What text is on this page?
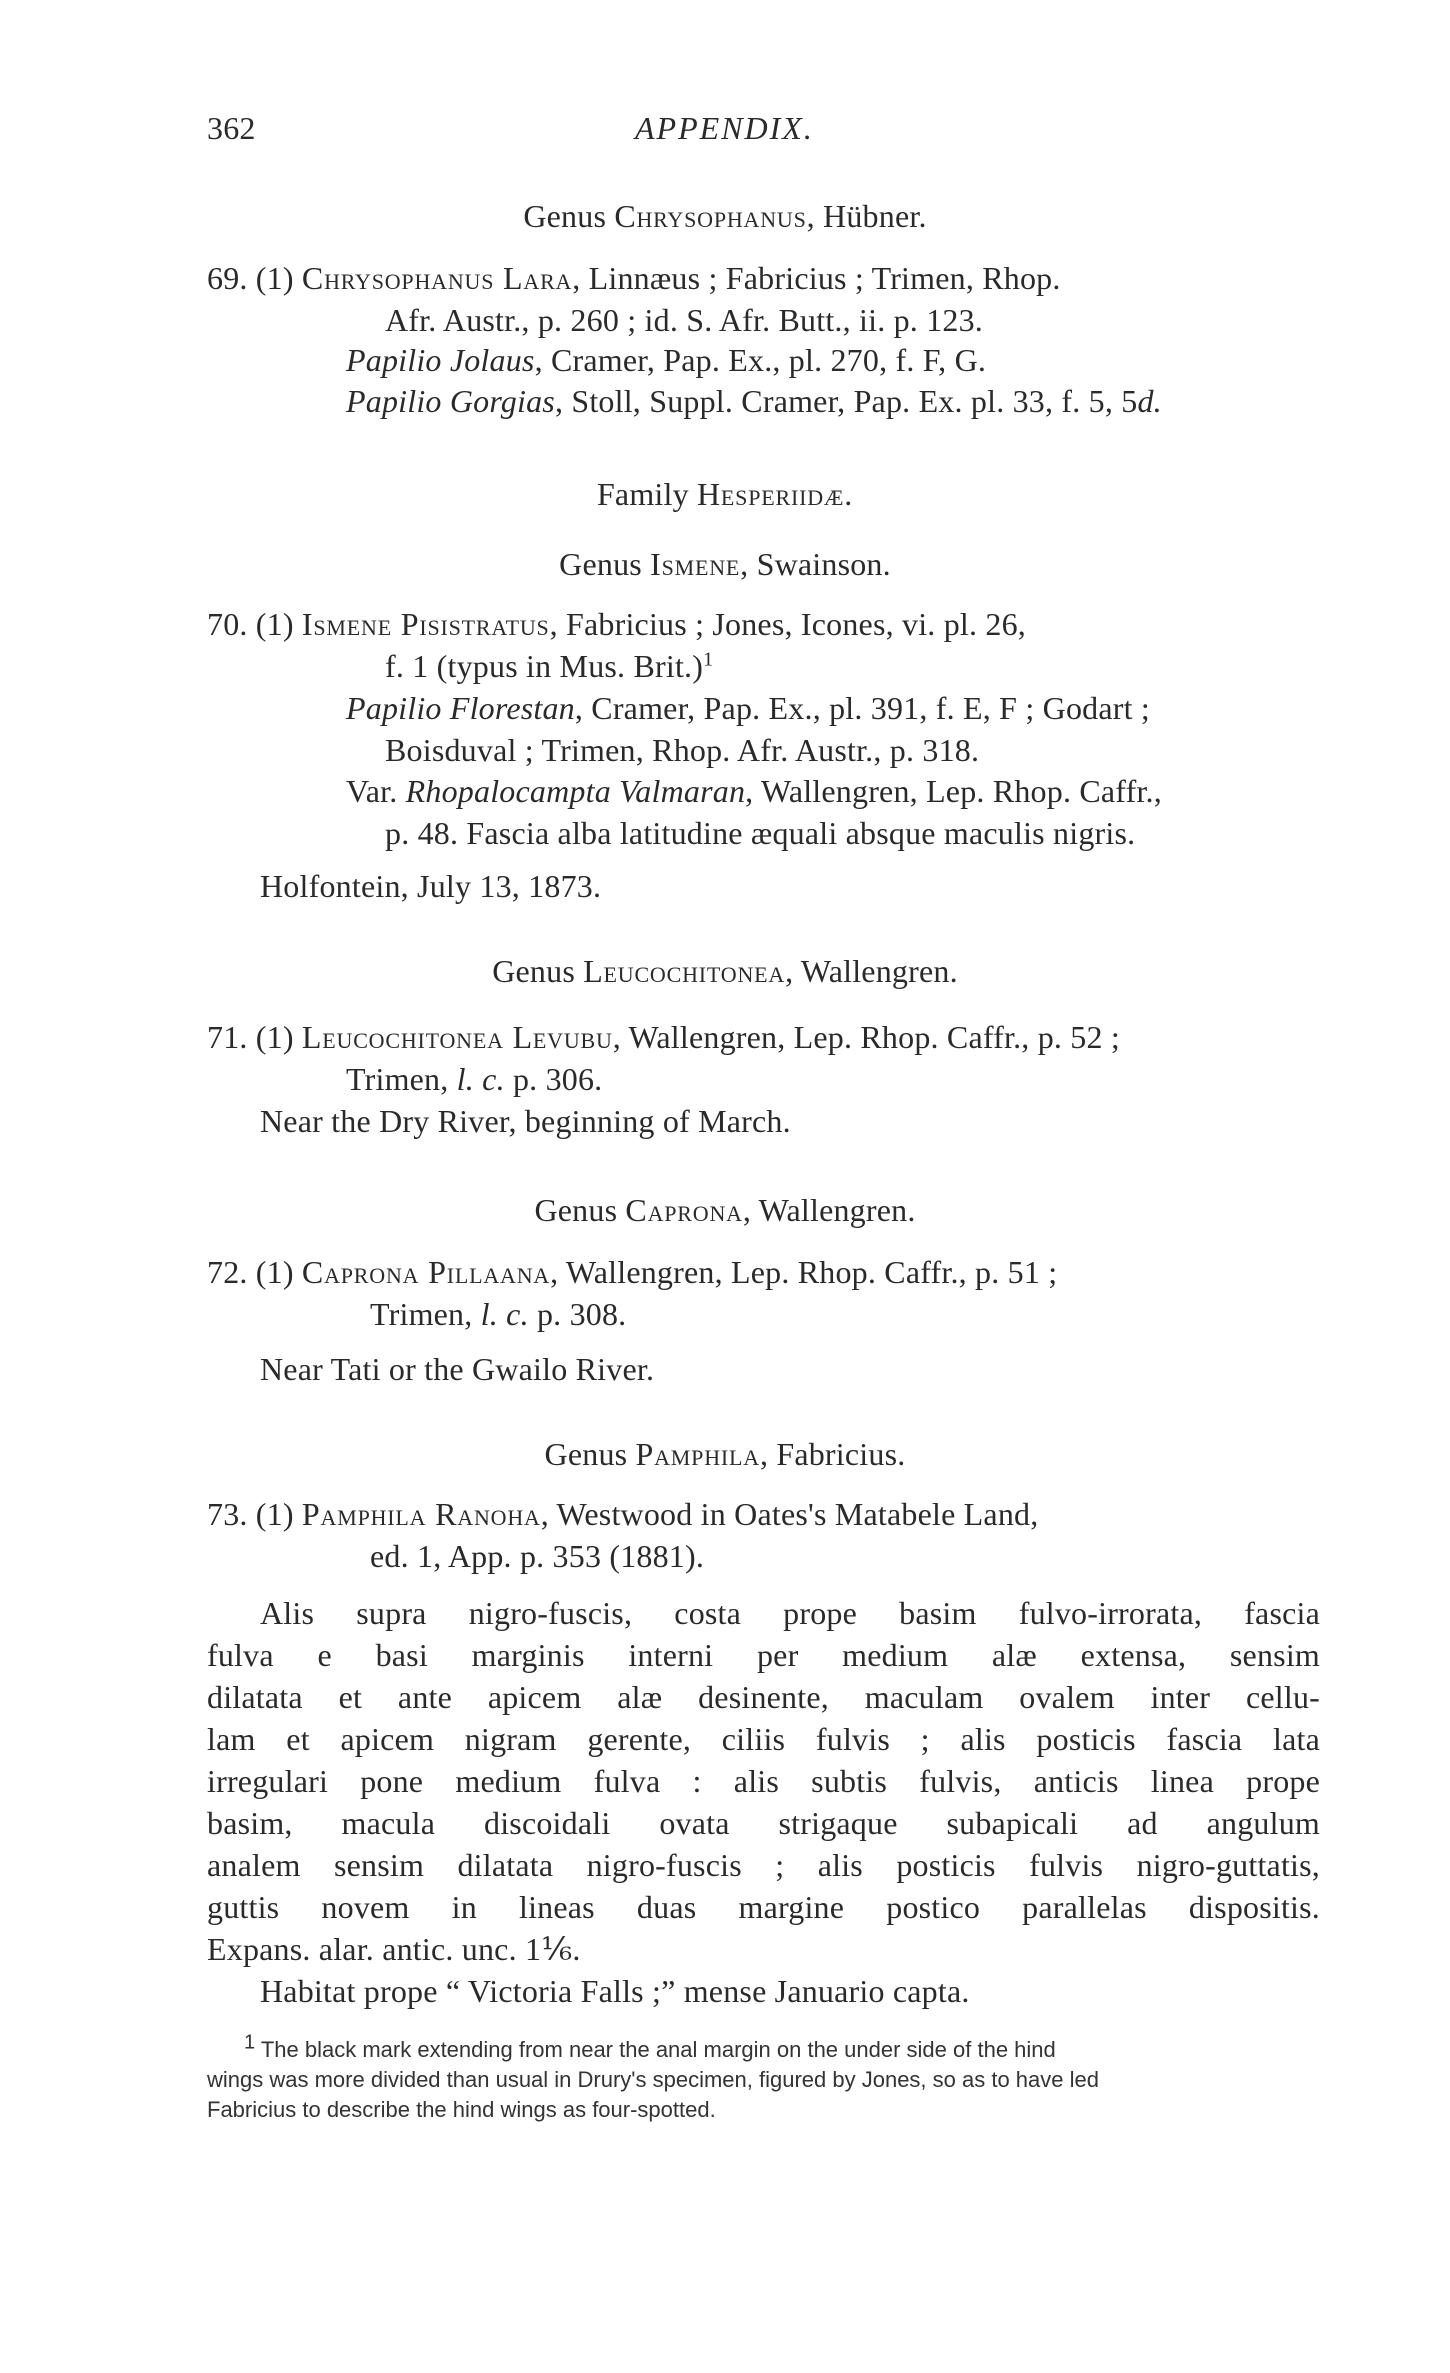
362	APPENDIX.
Genus Chrysophanus, Hübner.
69. (1) Chrysophanus Lara, Linnæus ; Fabricius ; Trimen, Rhop.
Afr. Austr., p. 260 ; id. S. Afr. Butt., ii. p. 123.
Papilio Jolaus, Cramer, Pap. Ex., pl. 270, f. F, G.
Papilio Gorgias, Stoll, Suppl. Cramer, Pap. Ex. pl. 33, f. 5, 5d.
Family Hesperiidæ.
Genus Ismene, Swainson.
70. (1) Ismene Pisistratus, Fabricius ; Jones, Icones, vi. pl. 26,
f. 1 (typus in Mus. Brit.)$^1$
Papilio Florestan, Cramer, Pap. Ex., pl. 391, f. E, F ; Godart ;
Boisduval ; Trimen, Rhop. Afr. Austr., p. 318.
Var. Rhopalocampta Valmaran, Wallengren, Lep. Rhop. Caffr.,
p. 48. Fascia alba latitudine æquali absque maculis nigris.
Holfontein, July 13, 1873.
Genus Leucochitonea, Wallengren.
71. (1) Leucochitonea Levubu, Wallengren, Lep. Rhop. Caffr., p. 52 ;
Trimen, l. c. p. 306.
Near the Dry River, beginning of March.
Genus Caprona, Wallengren.
72. (1) Caprona Pillaana, Wallengren, Lep. Rhop. Caffr., p. 51 ;
Trimen, l. c. p. 308.
Near Tati or the Gwailo River.
Genus Pamphila, Fabricius.
73. (1) Pamphila Ranoha, Westwood in Oates's Matabele Land,
ed. 1, App. p. 353 (1881).
Alis supra nigro-fuscis, costa prope basim fulvo-irrorata, fascia
fulva e basi marginis interni per medium alæ extensa, sensim
dilatata et ante apicem alæ desinente, maculam ovalem inter cellu-
lam et apicem nigram gerente, ciliis fulvis ; alis posticis fascia lata
irregulari pone medium fulva : alis subtis fulvis, anticis linea prope
basim, macula discoidali ovata strigaque subapicali ad angulum
analem sensim dilatata nigro-fuscis ; alis posticis fulvis nigro-guttatis,
guttis novem in lineas duas margine postico parallelas dispositis.
Expans. alar. antic. unc. 1⅙.
Habitat prope “ Victoria Falls ;” mense Januario capta.
$^1$ The black mark extending from near the anal margin on the under side of the hind
wings was more divided than usual in Drury's specimen, figured by Jones, so as to have led
Fabricius to describe the hind wings as four-spotted.
